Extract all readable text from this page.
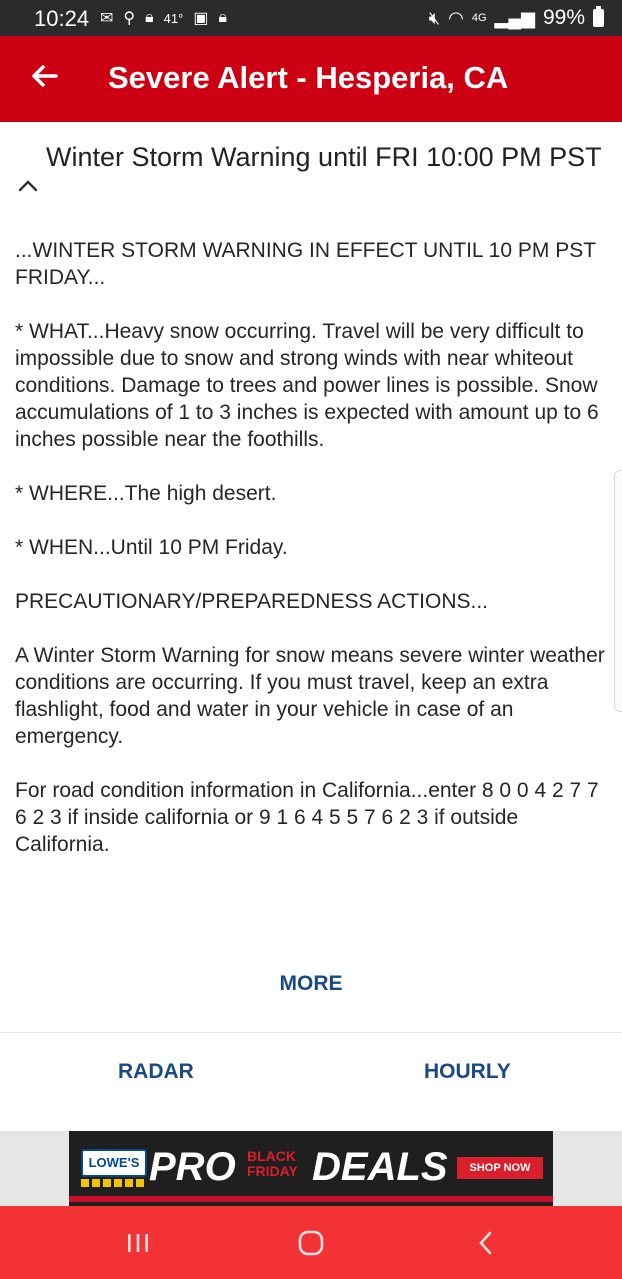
10:24 ✉ ⚲ 🔒︎ 41° ▣ 🔒︎	🔇︎ ◠ 4G ▂▄▆ 99%
Severe Alert - Hesperia, CA
Winter Storm Warning until FRI 10:00 PM PST

...WINTER STORM WARNING IN EFFECT UNTIL 10 PM PST FRIDAY...

* WHAT...Heavy snow occurring. Travel will be very difficult to impossible due to snow and strong winds with near whiteout conditions. Damage to trees and power lines is possible. Snow accumulations of 1 to 3 inches is expected with amount up to 6 inches possible near the foothills.

* WHERE...The high desert.

* WHEN...Until 10 PM Friday.

PRECAUTIONARY/PREPAREDNESS ACTIONS...

A Winter Storm Warning for snow means severe winter weather conditions are occurring. If you must travel, keep an extra flashlight, food and water in your vehicle in case of an emergency.

For road condition information in California...enter 8 0 0 4 2 7 7 6 2 3 if inside california or 9 1 6 4 5 5 7 6 2 3 if outside California.

MORE
RADAR	HOURLY
LOWE'S PRO BLACK
FRIDAY DEALS	SHOP NOW
